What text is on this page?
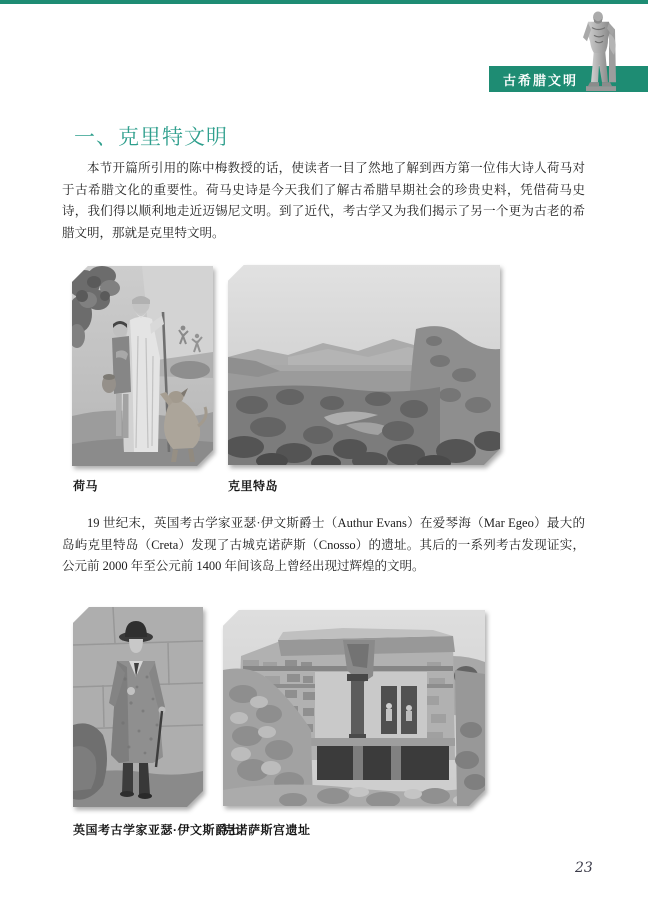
古希腊文明
一、克里特文明

本节开篇所引用的陈中梅教授的话，使读者一目了然地了解到西方第一位伟大诗人荷马对于古希腊文化的重要性。荷马史诗是今天我们了解古希腊早期社会的珍贵史料，凭借荷马史诗，我们得以顺利地走近迈锡尼文明。到了近代，考古学又为我们揭示了另一个更为古老的希腊文明，那就是克里特文明。

荷马	克里特岛

19 世纪末，英国考古学家亚瑟·伊文斯爵士（Authur Evans）在爱琴海（Mar Egeo）最大的岛屿克里特岛（Creta）发现了古城克诺萨斯（Cnosso）的遗址。其后的一系列考古发现证实，公元前 2000 年至公元前 1400 年间该岛上曾经出现过辉煌的文明。

英国考古学家亚瑟·伊文斯爵士
克诺萨斯宫遗址
23
